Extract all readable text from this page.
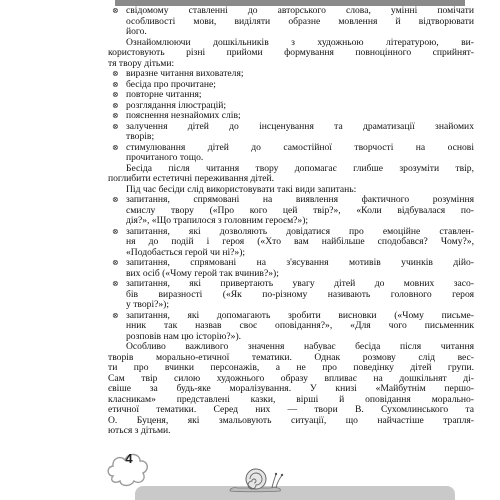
⊗ свідомому ставленні до авторського слова, умінні помічати
особливості мови, виділяти образне мовлення й відтворювати
його.
Ознайомлюючи дошкільників з художньою літературою, ви-
користовують різні прийоми формування повноцінного сприйнят-
тя твору дітьми:
⊗ виразне читання вихователя;
⊗ бесіда про прочитане;
⊗ повторне читання;
⊗ розглядання ілюстрацій;
⊗ пояснення незнайомих слів;
⊗ залучення дітей до інсценування та драматизації знайомих
творів;
⊗ стимулювання дітей до самостійної творчості на основі
прочитаного тощо.
Бесіда після читання твору допомагає глибше зрозуміти твір,
поглибити естетичні переживання дітей.
Під час бесіди слід використовувати такі види запитань:
⊗ запитання, спрямовані на виявлення фактичного розуміння
смислу твору («Про кого цей твір?», «Коли відбувалася по-
дія?», «Що трапилося з головним героєм?»);
⊗ запитання, які дозволяють довідатися про емоційне ставлен-
ня до подій і героя («Хто вам найбільше сподобався? Чому?»,
«Подобається герой чи ні?»);
⊗ запитання, спрямовані на з'ясування мотивів учинків дійо-
вих осіб («Чому герой так вчинив?»);
⊗ запитання, які привертають увагу дітей до мовних засо-
бів виразності («Як по-різному називають головного героя
у творі?»);
⊗ запитання, які допомагають зробити висновки («Чому письме-
нник так назвав своє оповідання?», «Для чого письменник
розповів нам цю історію?»).
Особливо важливого значення набуває бесіда після читання
творів морально-етичної тематики. Однак розмову слід вес-
ти про вчинки персонажів, а не про поведінку дітей групи.
Сам твір силою художнього образу впливає на дошкільнят ді-
євіше за будь-яке моралізування. У книзі «Майбутнім першо-
класникам» представлені казки, вірші й оповідання морально-
етичної тематики. Серед них — твори В. Сухомлинського та
О. Буценя, які змальовують ситуації, що найчастіше трапля-
ються з дітьми.
4
